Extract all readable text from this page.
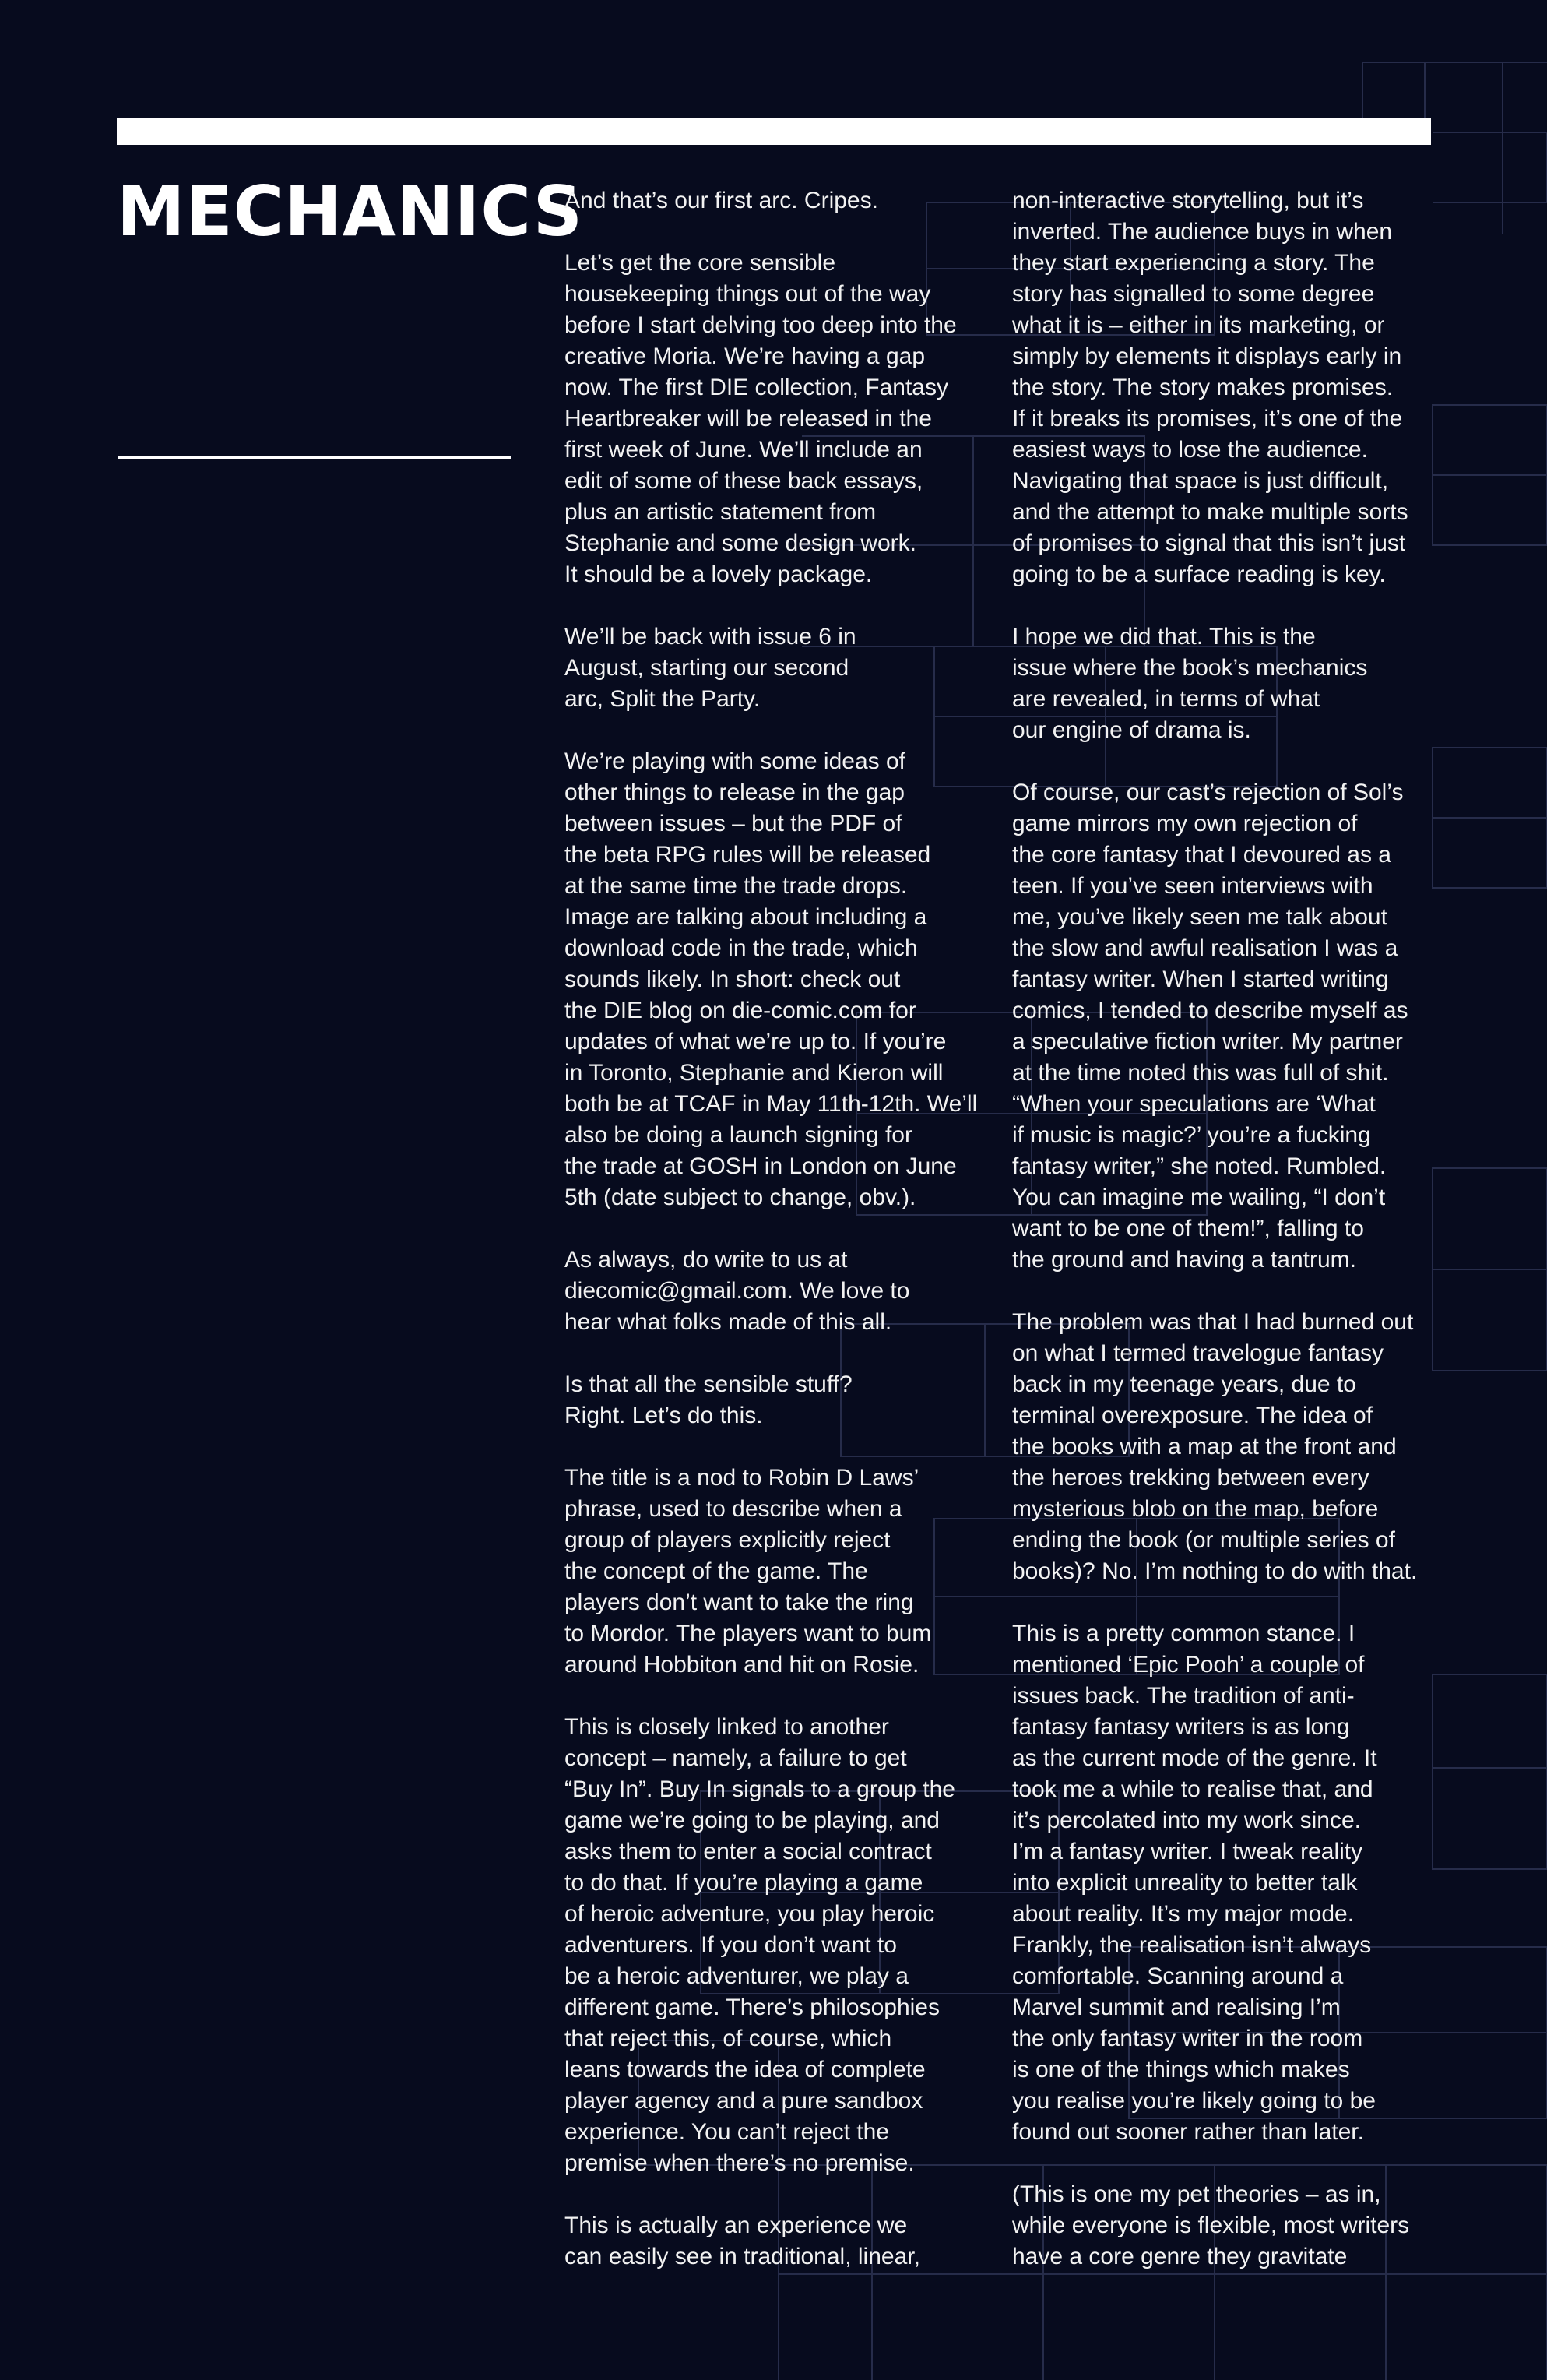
MECHANICS

And that’s our first arc. Cripes.

Let’s get the core sensible
housekeeping things out of the way
before I start delving too deep into the
creative Moria. We’re having a gap
now. The first DIE collection, Fantasy
Heartbreaker will be released in the
first week of June. We’ll include an
edit of some of these back essays,
plus an artistic statement from
Stephanie and some design work.
It should be a lovely package.

We’ll be back with issue 6 in
August, starting our second
arc, Split the Party.

We’re playing with some ideas of
other things to release in the gap
between issues – but the PDF of
the beta RPG rules will be released
at the same time the trade drops.
Image are talking about including a
download code in the trade, which
sounds likely. In short: check out
the DIE blog on die-comic.com for
updates of what we’re up to. If you’re
in Toronto, Stephanie and Kieron will
both be at TCAF in May 11th-12th. We’ll
also be doing a launch signing for
the trade at GOSH in London on June
5th (date subject to change, obv.).

As always, do write to us at
diecomic@gmail.com. We love to
hear what folks made of this all.

Is that all the sensible stuff?
Right. Let’s do this.

The title is a nod to Robin D Laws’
phrase, used to describe when a
group of players explicitly reject
the concept of the game. The
players don’t want to take the ring
to Mordor. The players want to bum
around Hobbiton and hit on Rosie.

This is closely linked to another
concept – namely, a failure to get
“Buy In”. Buy In signals to a group the
game we’re going to be playing, and
asks them to enter a social contract
to do that. If you’re playing a game
of heroic adventure, you play heroic
adventurers. If you don’t want to
be a heroic adventurer, we play a
different game. There’s philosophies
that reject this, of course, which
leans towards the idea of complete
player agency and a pure sandbox
experience. You can’t reject the
premise when there’s no premise.

This is actually an experience we
can easily see in traditional, linear,

non-interactive storytelling, but it’s
inverted. The audience buys in when
they start experiencing a story. The
story has signalled to some degree
what it is – either in its marketing, or
simply by elements it displays early in
the story. The story makes promises.
If it breaks its promises, it’s one of the
easiest ways to lose the audience.
Navigating that space is just difficult,
and the attempt to make multiple sorts
of promises to signal that this isn’t just
going to be a surface reading is key.

I hope we did that. This is the
issue where the book’s mechanics
are revealed, in terms of what
our engine of drama is.

Of course, our cast’s rejection of Sol’s
game mirrors my own rejection of
the core fantasy that I devoured as a
teen. If you’ve seen interviews with
me, you’ve likely seen me talk about
the slow and awful realisation I was a
fantasy writer. When I started writing
comics, I tended to describe myself as
a speculative fiction writer. My partner
at the time noted this was full of shit.
“When your speculations are ‘What
if music is magic?’ you’re a fucking
fantasy writer,” she noted. Rumbled.
You can imagine me wailing, “I don’t
want to be one of them!”, falling to
the ground and having a tantrum.

The problem was that I had burned out
on what I termed travelogue fantasy
back in my teenage years, due to
terminal overexposure. The idea of
the books with a map at the front and
the heroes trekking between every
mysterious blob on the map, before
ending the book (or multiple series of
books)? No. I’m nothing to do with that.

This is a pretty common stance. I
mentioned ‘Epic Pooh’ a couple of
issues back. The tradition of anti-
fantasy fantasy writers is as long
as the current mode of the genre. It
took me a while to realise that, and
it’s percolated into my work since.
I’m a fantasy writer. I tweak reality
into explicit unreality to better talk
about reality. It’s my major mode.
Frankly, the realisation isn’t always
comfortable. Scanning around a
Marvel summit and realising I’m
the only fantasy writer in the room
is one of the things which makes
you realise you’re likely going to be
found out sooner rather than later.

(This is one my pet theories – as in,
while everyone is flexible, most writers
have a core genre they gravitate
